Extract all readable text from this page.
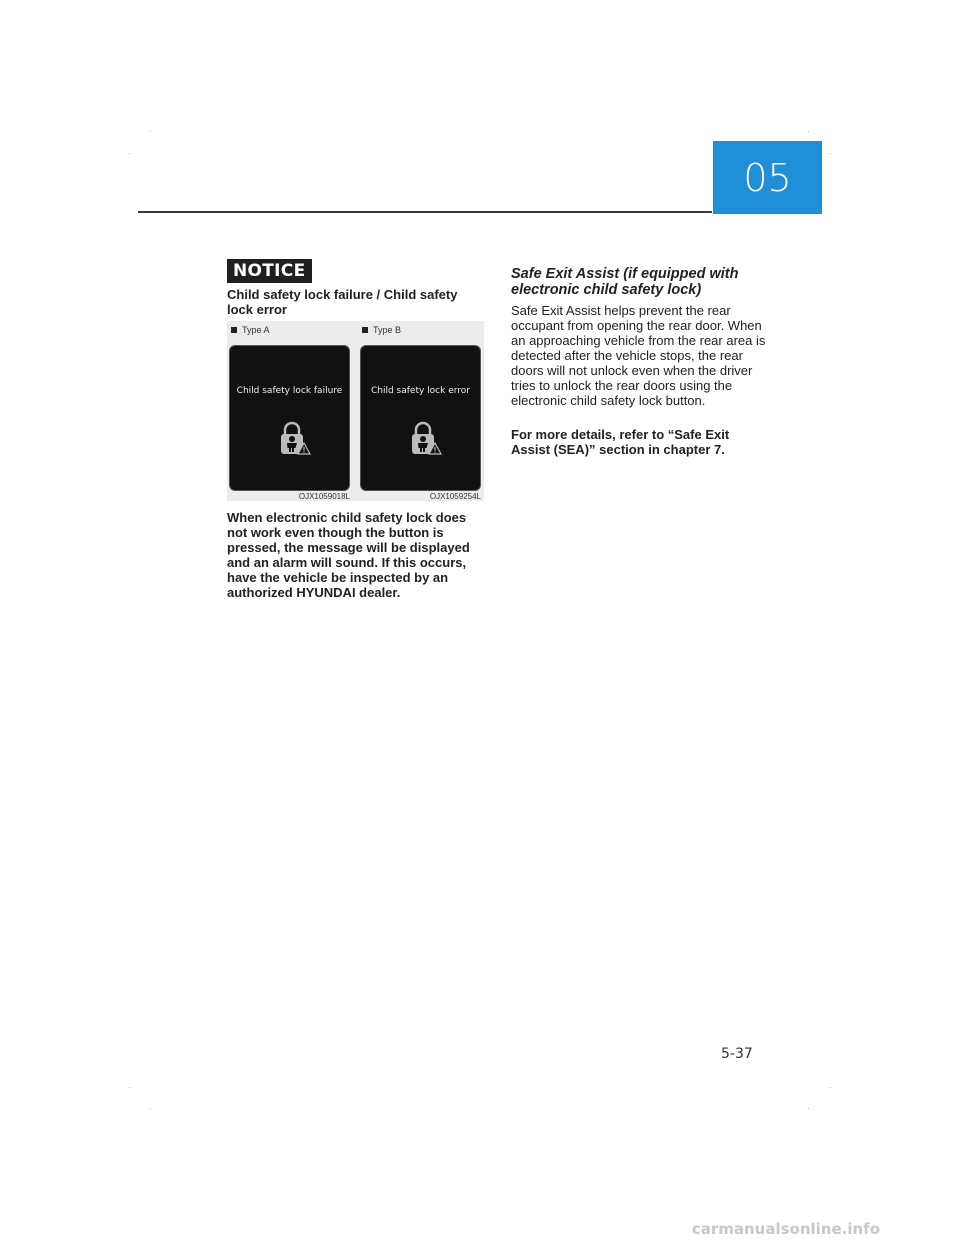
05
NOTICE
Child safety lock failure / Child safety lock error
Type A
Child safety lock failure
OJX1059018L
Type B
Child safety lock error
OJX1059254L
When electronic child safety lock does not work even though the button is pressed, the message will be displayed and an alarm will sound. If this occurs, have the vehicle be inspected by an authorized HYUNDAI dealer.
Safe Exit Assist (if equipped with electronic child safety lock)
Safe Exit Assist helps prevent the rear occupant from opening the rear door. When an approaching vehicle from the rear area is detected after the vehicle stops, the rear doors will not unlock even when the driver tries to unlock the rear doors using the electronic child safety lock button.
For more details, refer to “Safe Exit Assist (SEA)” section in chapter 7.
5-37
carmanualsonline.info
